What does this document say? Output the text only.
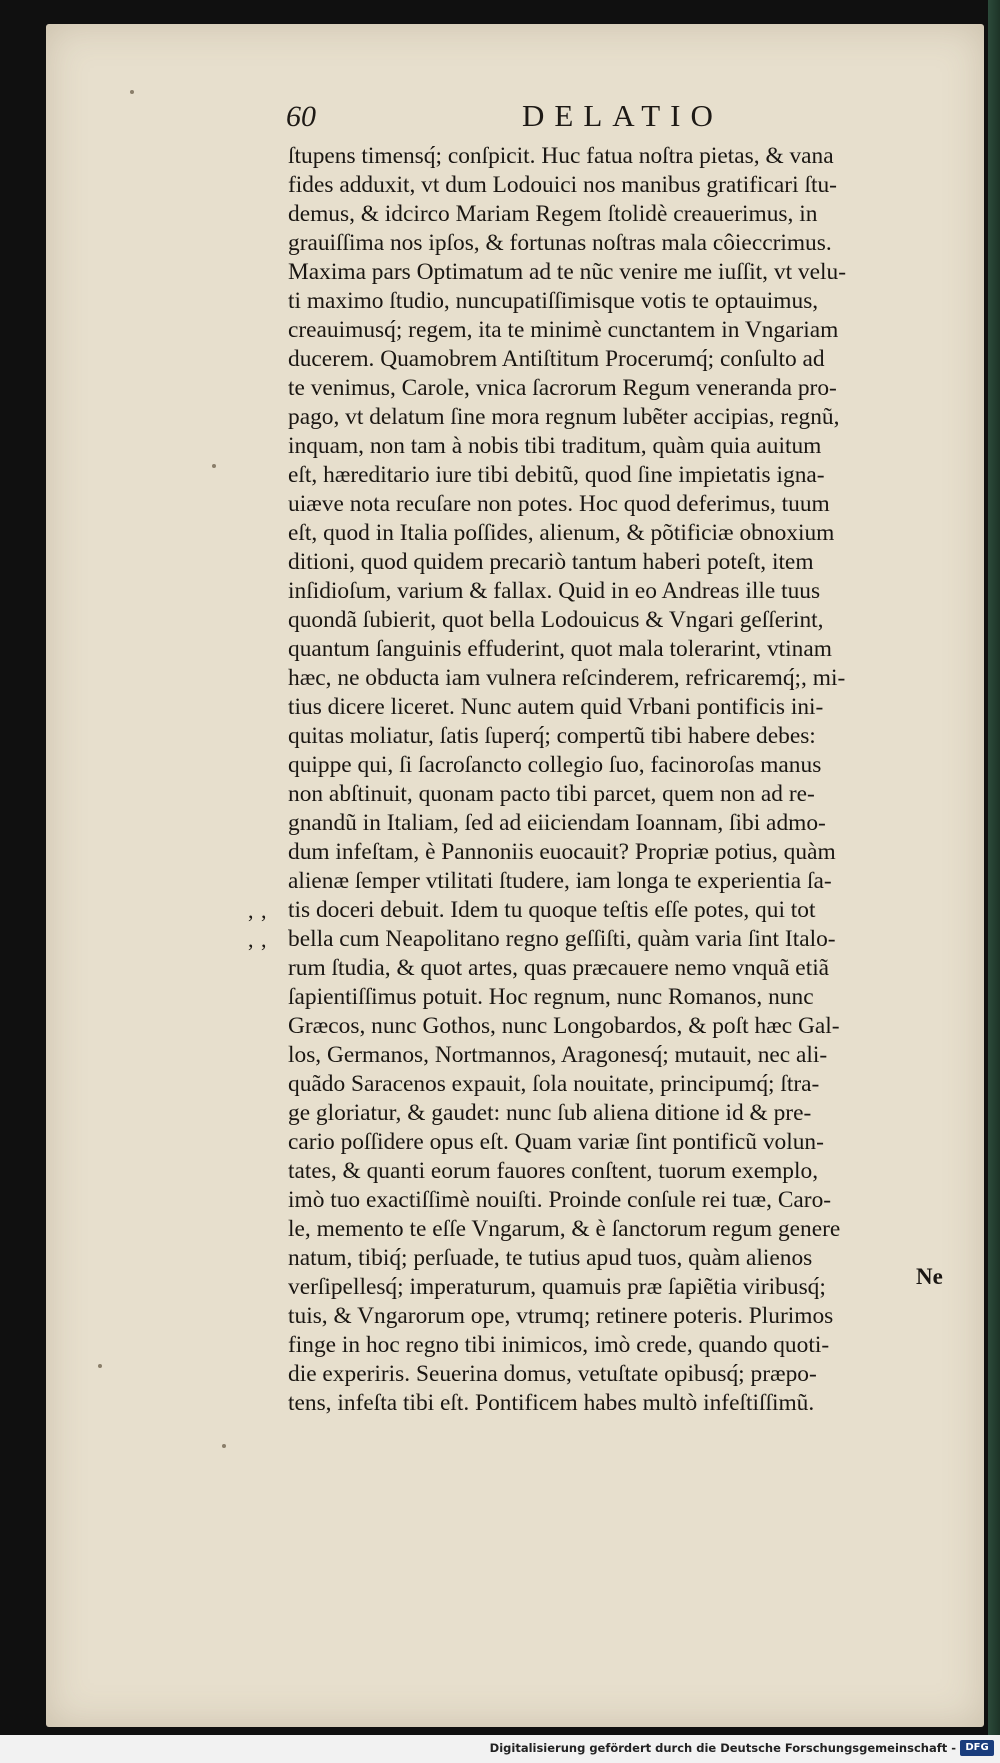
60	DELATIO
ſtupens timensq́; conſpicit. Huc fatua noſtra pietas, & vana
fides adduxit, vt dum Lodouici nos manibus gratificari ſtu-
demus, & idcirco Mariam Regem ſtolidè creauerimus, in
grauiſſima nos ipſos, & fortunas noſtras mala côieccrimus.
Maxima pars Optimatum ad te nũc venire me iuſſit, vt velu-
ti maximo ſtudio, nuncupatiſſimisque votis te optauimus,
creauimusq́; regem, ita te minimè cunctantem in Vngariam
ducerem. Quamobrem Antiſtitum Procerumq́; conſulto ad
te venimus, Carole, vnica ſacrorum Regum veneranda pro-
pago, vt delatum ſine mora regnum lubẽter accipias, regnũ,
inquam, non tam à nobis tibi traditum, quàm quia auitum
eſt, hæreditario iure tibi debitũ, quod ſine impietatis igna-
uiæve nota recuſare non potes. Hoc quod deferimus, tuum
eſt, quod in Italia poſſides, alienum, & põtificiæ obnoxium
ditioni, quod quidem precariò tantum haberi poteſt, item
inſidioſum, varium & fallax. Quid in eo Andreas ille tuus
quondã ſubierit, quot bella Lodouicus & Vngari geſſerint,
quantum ſanguinis effuderint, quot mala tolerarint, vtinam
hæc, ne obducta iam vulnera reſcinderem, refricaremq́;, mi-
tius dicere liceret. Nunc autem quid Vrbani pontificis ini-
quitas moliatur, ſatis ſuperq́; compertũ tibi habere debes:
quippe qui, ſi ſacroſancto collegio ſuo, facinoroſas manus
non abſtinuit, quonam pacto tibi parcet, quem non ad re-
gnandũ in Italiam, ſed ad eiiciendam Ioannam, ſibi admo-
dum infeſtam, è Pannoniis euocauit? Propriæ potius, quàm
alienæ ſemper vtilitati ſtudere, iam longa te experientia ſa-
tis doceri debuit. Idem tu quoque teſtis eſſe potes, qui tot
, ,
bella cum Neapolitano regno geſſiſti, quàm varia ſint Italo-
, ,
rum ſtudia, & quot artes, quas præcauere nemo vnquã etiã
ſapientiſſimus potuit. Hoc regnum, nunc Romanos, nunc
Græcos, nunc Gothos, nunc Longobardos, & poſt hæc Gal-
los, Germanos, Nortmannos, Aragonesq́; mutauit, nec ali-
quãdo Saracenos expauit, ſola nouitate, principumq́; ſtra-
ge gloriatur, & gaudet: nunc ſub aliena ditione id & pre-
cario poſſidere opus eſt. Quam variæ ſint pontificũ volun-
tates, & quanti eorum fauores conſtent, tuorum exemplo,
imò tuo exactiſſimè nouiſti. Proinde conſule rei tuæ, Caro-
le, memento te eſſe Vngarum, & è ſanctorum regum genere
natum, tibiq́; perſuade, te tutius apud tuos, quàm alienos
verſipellesq́; imperaturum, quamuis præ ſapiẽtia viribusq́;
tuis, & Vngarorum ope, vtrumq; retinere poteris. Plurimos
finge in hoc regno tibi inimicos, imò crede, quando quoti-
die experiris. Seuerina domus, vetuſtate opibusq́; præpo-
tens, infeſta tibi eſt. Pontificem habes multò infeſtiſſimũ.
Ne
Digitalisierung gefördert durch die Deutsche Forschungsgemeinschaft - DFG
